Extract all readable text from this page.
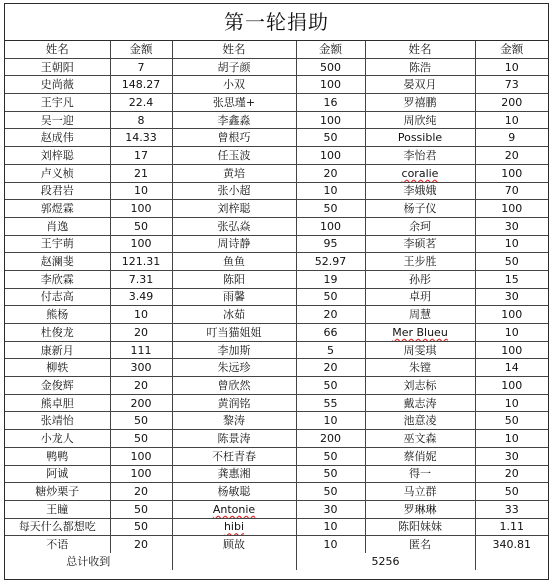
第一轮捐助
姓名	金额	姓名	金额	姓名	金额
王朝阳	7	胡子颜	500	陈浩	10
史尚薇	148.27	小双	100	晏双月	73
王宇凡	22.4	张思瑾+	16	罗禧鹏	200
吴一迎	8	李鑫淼	100	周欣纯	10
赵成伟	14.33	曾根巧	50	Possible	9
刘梓聪	17	任玉波	100	李怡君	20
卢义桢	21	黄培	20	coralie	100
段君岩	10	张小超	10	李娥娥	70
郭煜霖	100	刘梓聪	50	杨子仪	100
肖逸	50	张弘焱	100	余珂	30
王宇萌	100	周诗静	95	李硕茗	10
赵澜斐	121.31	鱼鱼	52.97	王步胜	50
李欣霖	7.31	陈阳	19	孙彤	15
付志高	3.49	雨馨	50	卓玥	30
熊杨	10	冰茹	20	周慧	100
杜俊龙	20	叮当猫姐姐	66	Mer Blueu	10
康新月	111	李加斯	5	周雯琪	100
柳轶	300	朱远珍	20	朱镗	14
金俊辉	20	曾欣然	50	刘志标	100
熊卓胆	200	黄润铭	55	戴志涛	10
张靖怡	50	黎涛	10	池意凌	50
小龙人	50	陈景涛	200	巫文森	10
鸭鸭	100	不枉青春	50	蔡俏妮	30
阿诚	100	龚惠湘	50	得一	20
糖炒栗子	20	杨敏聪	50	马立群	50
王瞳	50	Antonie	30	罗琳琳	33
每天什么都想吃	50	hibi	10	陈阳妹妹	1.11
不语	20	顾故	10	匿名	340.81
总计收到			5256		
